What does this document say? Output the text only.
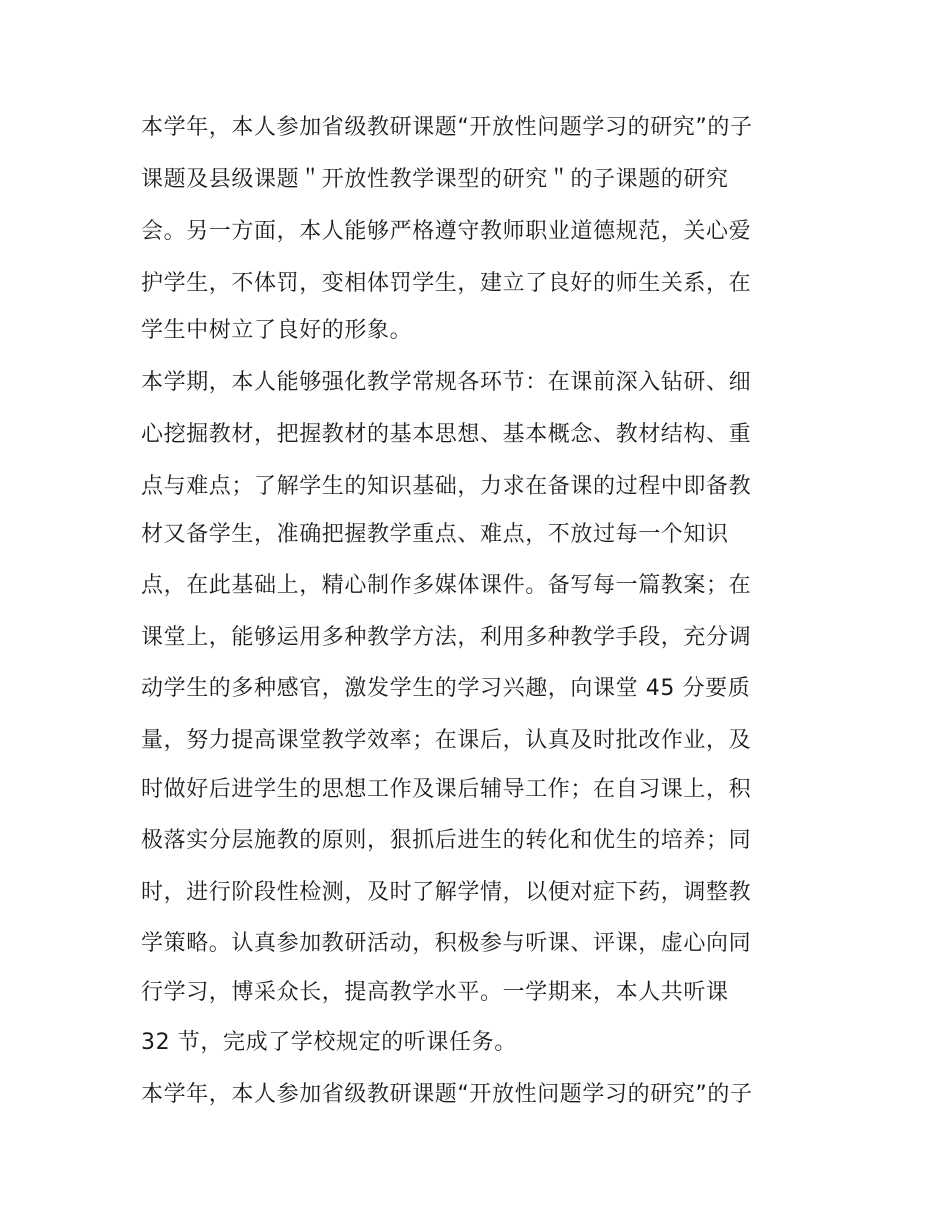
本学年，本人参加省级教研课题“开放性问题学习的研究”的子
课题及县级课题＂开放性教学课型的研究＂的子课题的研究
会。另一方面，本人能够严格遵守教师职业道德规范，关心爱
护学生，不体罚，变相体罚学生，建立了良好的师生关系，在
学生中树立了良好的形象。
本学期，本人能够强化教学常规各环节：在课前深入钻研、细
心挖掘教材，把握教材的基本思想、基本概念、教材结构、重
点与难点；了解学生的知识基础，力求在备课的过程中即备教
材又备学生，准确把握教学重点、难点，不放过每一个知识
点，在此基础上，精心制作多媒体课件。备写每一篇教案；在
课堂上，能够运用多种教学方法，利用多种教学手段，充分调
动学生的多种感官，激发学生的学习兴趣，向课堂 45 分要质
量，努力提高课堂教学效率；在课后，认真及时批改作业，及
时做好后进学生的思想工作及课后辅导工作；在自习课上，积
极落实分层施教的原则，狠抓后进生的转化和优生的培养；同
时，进行阶段性检测，及时了解学情，以便对症下药，调整教
学策略。认真参加教研活动，积极参与听课、评课，虚心向同
行学习，博采众长，提高教学水平。一学期来，本人共听课
32 节，完成了学校规定的听课任务。
本学年，本人参加省级教研课题“开放性问题学习的研究”的子
